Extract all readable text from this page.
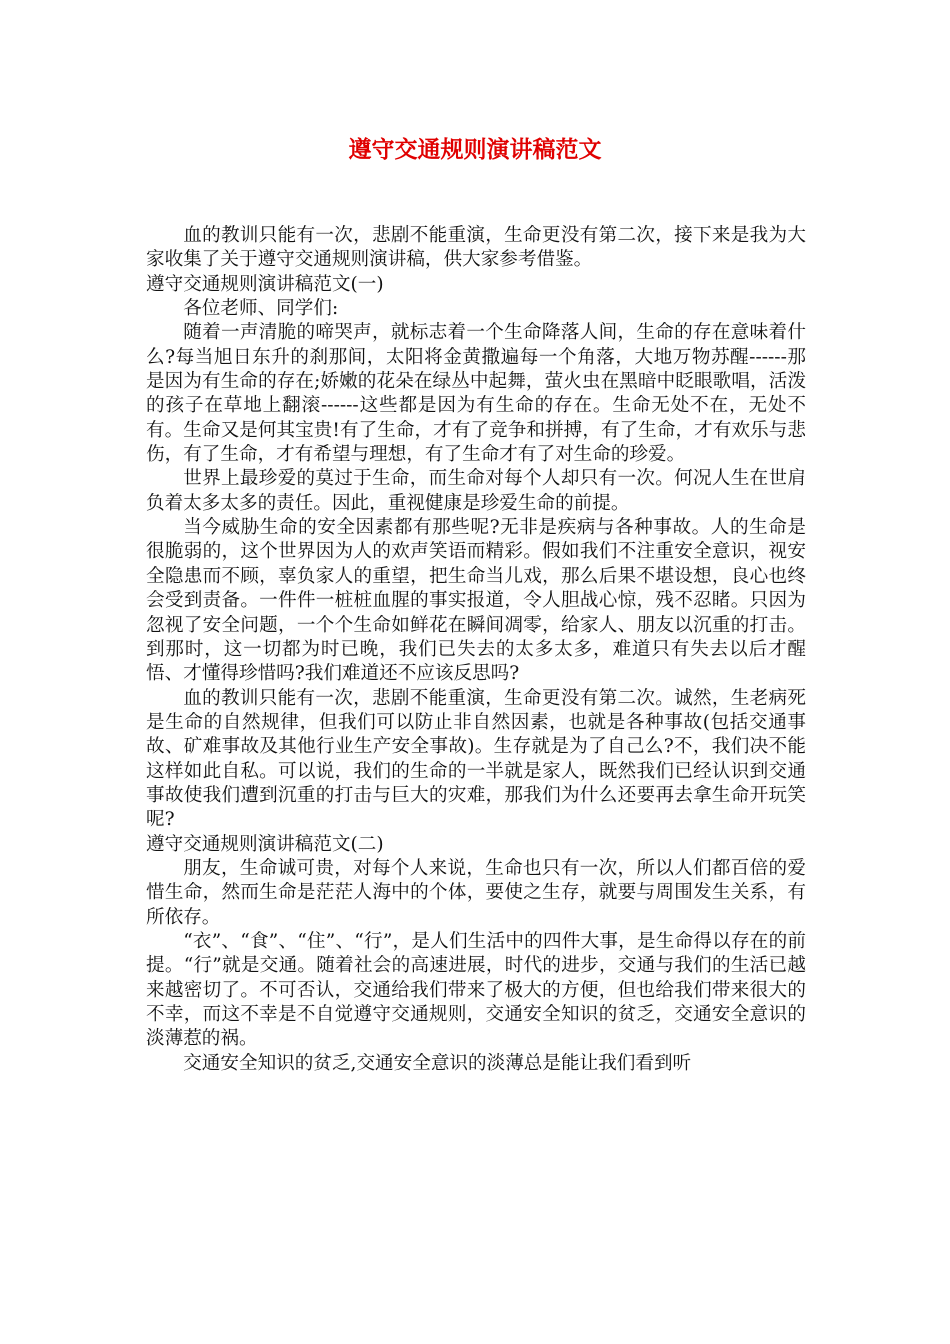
遵守交通规则演讲稿范文

血的教训只能有一次，悲剧不能重演，生命更没有第二次，接下来是我为大家收集了关于遵守交通规则演讲稿，供大家参考借鉴。

遵守交通规则演讲稿范文(一)

各位老师、同学们:

随着一声清脆的啼哭声，就标志着一个生命降落人间，生命的存在意味着什么?每当旭日东升的刹那间，太阳将金黄撒遍每一个角落，大地万物苏醒------那是因为有生命的存在;娇嫩的花朵在绿丛中起舞，萤火虫在黑暗中眨眼歌唱，活泼的孩子在草地上翻滚------这些都是因为有生命的存在。生命无处不在，无处不有。生命又是何其宝贵!有了生命，才有了竞争和拼搏，有了生命，才有欢乐与悲伤，有了生命，才有希望与理想，有了生命才有了对生命的珍爱。

世界上最珍爱的莫过于生命，而生命对每个人却只有一次。何况人生在世肩负着太多太多的责任。因此，重视健康是珍爱生命的前提。

当今威胁生命的安全因素都有那些呢?无非是疾病与各种事故。人的生命是很脆弱的，这个世界因为人的欢声笑语而精彩。假如我们不注重安全意识，视安全隐患而不顾，辜负家人的重望，把生命当儿戏，那么后果不堪设想，良心也终会受到责备。一件件一桩桩血腥的事实报道，令人胆战心惊，残不忍睹。只因为忽视了安全问题，一个个生命如鲜花在瞬间凋零，给家人、朋友以沉重的打击。到那时，这一切都为时已晚，我们已失去的太多太多，难道只有失去以后才醒悟、才懂得珍惜吗?我们难道还不应该反思吗?

血的教训只能有一次，悲剧不能重演，生命更没有第二次。诚然，生老病死是生命的自然规律，但我们可以防止非自然因素，也就是各种事故(包括交通事故、矿难事故及其他行业生产安全事故)。生存就是为了自己么?不，我们决不能这样如此自私。可以说，我们的生命的一半就是家人，既然我们已经认识到交通事故使我们遭到沉重的打击与巨大的灾难，那我们为什么还要再去拿生命开玩笑呢?

遵守交通规则演讲稿范文(二)

朋友，生命诚可贵，对每个人来说，生命也只有一次，所以人们都百倍的爱惜生命，然而生命是茫茫人海中的个体，要使之生存，就要与周围发生关系，有所依存。

“衣”、“食”、“住”、“行”，是人们生活中的四件大事，是生命得以存在的前提。“行”就是交通。随着社会的高速进展，时代的进步，交通与我们的生活已越来越密切了。不可否认，交通给我们带来了极大的方便，但也给我们带来很大的不幸，而这不幸是不自觉遵守交通规则，交通安全知识的贫乏，交通安全意识的淡薄惹的祸。

交通安全知识的贫乏,交通安全意识的淡薄总是能让我们看到听
